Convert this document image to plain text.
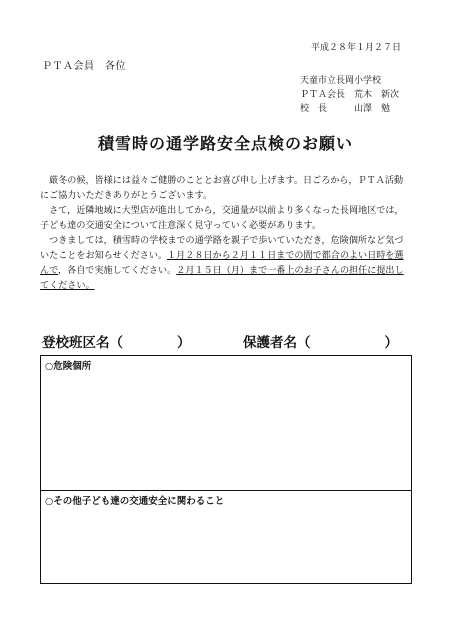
平成２８年１月２７日
ＰＴＡ会員　各位
天童市立長岡小学校
ＰＴＡ会長　荒木　新次
校　長　　　山澤　勉
積雪時の通学路安全点検のお願い

　厳冬の候，皆様には益々ご健勝のこととお喜び申し上げます。日ごろから，ＰＴＡ活動にご協力いただきありがとうございます。

　さて，近隣地域に大型店が進出してから，交通量が以前より多くなった長岡地区では，子ども達の交通安全について注意深く見守っていく必要があります。

　つきましては，積雪時の学校までの通学路を親子で歩いていただき，危険個所など気づいたことをお知らせください。１月２８日から２月１１日までの間で都合のよい日時を選んで，各自で実施してください。２月１５日（月）まで一番上のお子さんの担任に提出してください。

登校班区名（	）	保護者名（	）
○危険個所
○その他子ども達の交通安全に関わること
